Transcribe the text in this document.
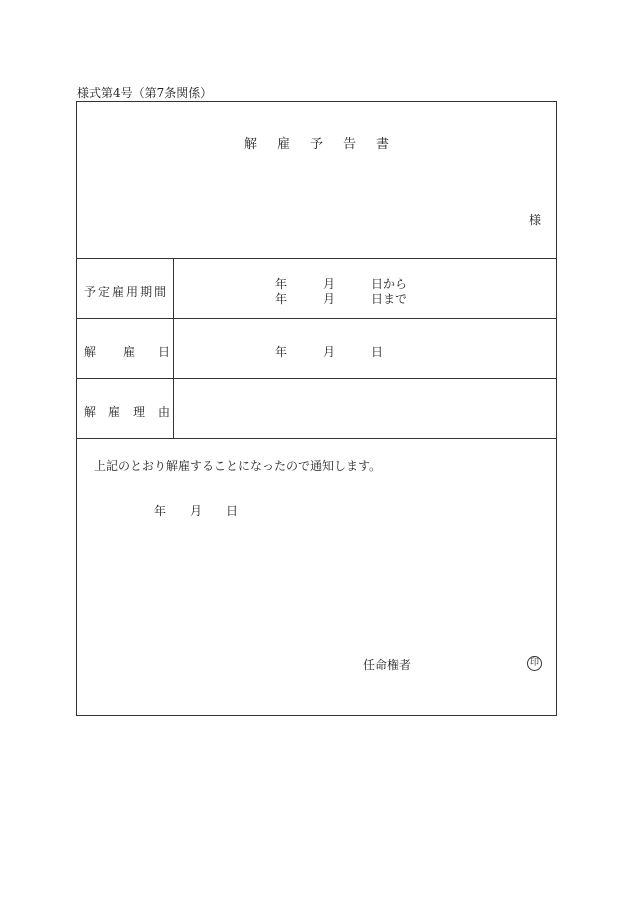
様式第4号（第7条関係）
解 雇 予 告 書
様
予 定 雇 用 期 間
年	月	日から
年	月	日まで
解 雇 日	年	月	日
解 雇 理 由
上記のとおり解雇することになったので通知します。
年 月 日
任命権者	印
